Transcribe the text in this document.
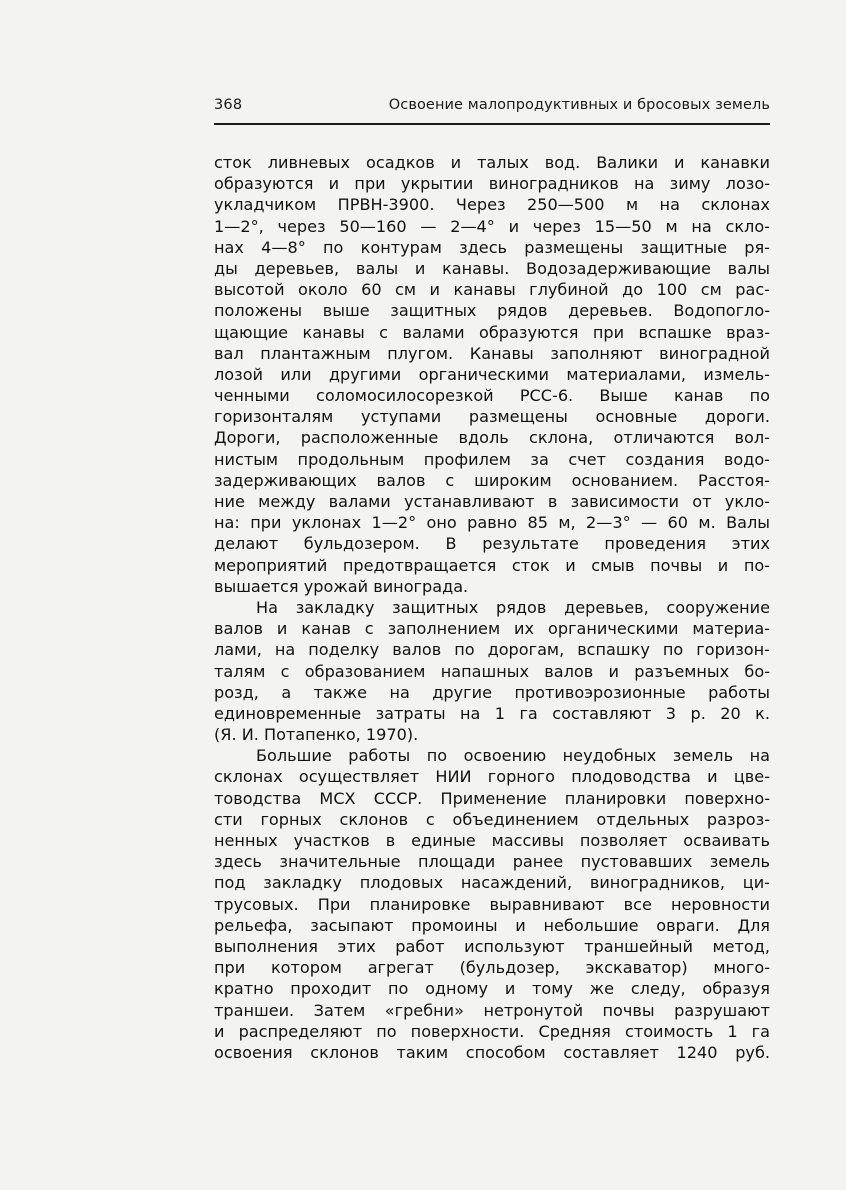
368	Освоение малопродуктивных и бросовых земель
сток ливневых осадков и талых вод. Валики и канавки
образуются и при укрытии виноградников на зиму лозо-
укладчиком ПРВН-3900. Через 250—500 м на склонах
1—2°, через 50—160 — 2—4° и через 15—50 м на скло-
нах 4—8° по контурам здесь размещены защитные ря-
ды деревьев, валы и канавы. Водозадерживающие валы
высотой около 60 см и канавы глубиной до 100 см рас-
положены выше защитных рядов деревьев. Водопогло-
щающие канавы с валами образуются при вспашке враз-
вал плантажным плугом. Канавы заполняют виноградной
лозой или другими органическими материалами, измель-
ченными соломосилосорезкой РСС-6. Выше канав по
горизонталям уступами размещены основные дороги.
Дороги, расположенные вдоль склона, отличаются вол-
нистым продольным профилем за счет создания водо-
задерживающих валов с широким основанием. Расстоя-
ние между валами устанавливают в зависимости от укло-
на: при уклонах 1—2° оно равно 85 м, 2—3° — 60 м. Валы
делают бульдозером. В результате проведения этих
мероприятий предотвращается сток и смыв почвы и по-
вышается урожай винограда.
На закладку защитных рядов деревьев, сооружение
валов и канав с заполнением их органическими материа-
лами, на поделку валов по дорогам, вспашку по горизон-
талям с образованием напашных валов и разъемных бо-
розд, а также на другие противоэрозионные работы
единовременные затраты на 1 га составляют 3 р. 20 к.
(Я. И. Потапенко, 1970).
Большие работы по освоению неудобных земель на
склонах осуществляет НИИ горного плодоводства и цве-
товодства МСХ СССР. Применение планировки поверхно-
сти горных склонов с объединением отдельных разроз-
ненных участков в единые массивы позволяет осваивать
здесь значительные площади ранее пустовавших земель
под закладку плодовых насаждений, виноградников, ци-
трусовых. При планировке выравнивают все неровности
рельефа, засыпают промоины и небольшие овраги. Для
выполнения этих работ используют траншейный метод,
при котором агрегат (бульдозер, экскаватор) много-
кратно проходит по одному и тому же следу, образуя
траншеи. Затем «гребни» нетронутой почвы разрушают
и распределяют по поверхности. Средняя стоимость 1 га
освоения склонов таким способом составляет 1240 руб.
